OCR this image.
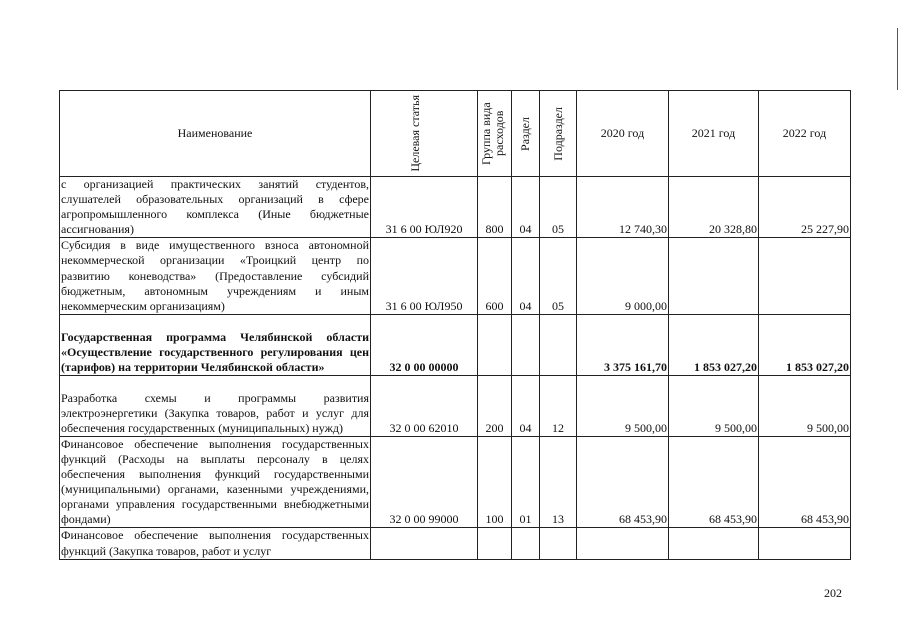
Наименование	Целевая статья	Группа вида расходов	Раздел	Подраздел	2020 год	2021 год	2022 год
с организацией практических занятий студентов, слушателей образовательных организаций в сфере агропромышленного комплекса (Иные бюджетные ассигнования)	31 6 00 ЮЛ920	800	04	05	12 740,30	20 328,80	25 227,90
Субсидия в виде имущественного взноса автономной некоммерческой организации «Троицкий центр по развитию коневодства» (Предоставление субсидий бюджетным, автономным учреждениям и иным некоммерческим организациям)	31 6 00 ЮЛ950	600	04	05	9 000,00		
Государственная программа Челябинской области «Осуществление государственного регулирования цен (тарифов) на территории Челябинской области»	32 0 00 00000				3 375 161,70	1 853 027,20	1 853 027,20
Разработка схемы и программы развития электроэнергетики (Закупка товаров, работ и услуг для обеспечения государственных (муниципальных) нужд)	32 0 00 62010	200	04	12	9 500,00	9 500,00	9 500,00
Финансовое обеспечение выполнения государственных функций (Расходы на выплаты персоналу в целях обеспечения выполнения функций государственными (муниципальными) органами, казенными учреждениями, органами управления государственными внебюджетными фондами)	32 0 00 99000	100	01	13	68 453,90	68 453,90	68 453,90
Финансовое обеспечение выполнения государственных функций (Закупка товаров, работ и услуг							
202
